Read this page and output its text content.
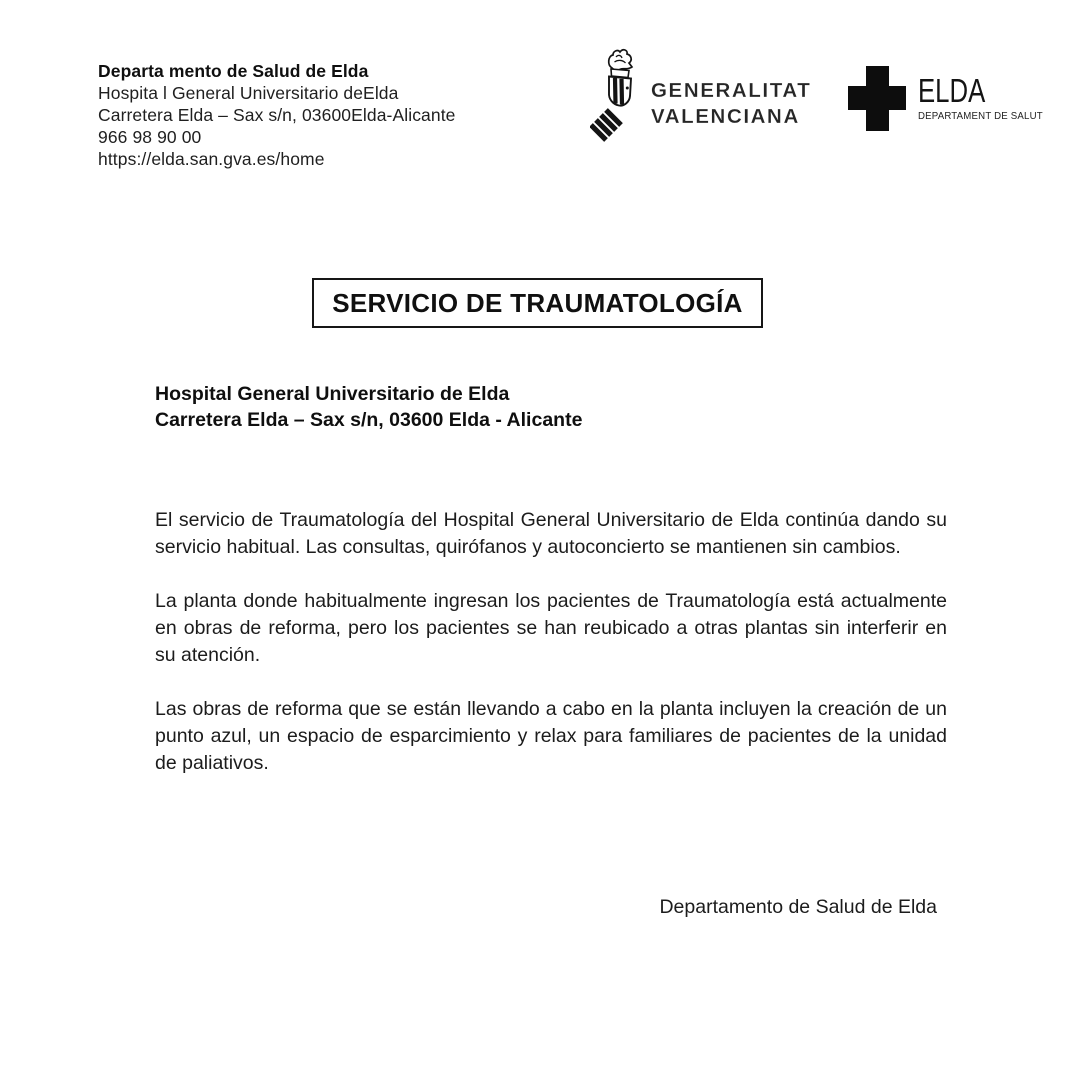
Departa mento de Salud de Elda
Hospita l General Universitario deElda
Carretera Elda – Sax s/n, 03600Elda-Alicante
966 98 90 00
https://elda.san.gva.es/home
GENERALITAT
VALENCIANA
ELDA
DEPARTAMENT DE SALUT
SERVICIO DE TRAUMATOLOGÍA
Hospital General Universitario de Elda
Carretera Elda – Sax s/n, 03600 Elda - Alicante

El servicio de Traumatología del Hospital General Universitario de Elda continúa dando su servicio habitual. Las consultas, quirófanos y autoconcierto se mantienen sin cambios.

La planta donde habitualmente ingresan los pacientes de Traumatología está actualmente en obras de reforma, pero los pacientes se han reubicado a otras plantas sin interferir en su atención.

Las obras de reforma que se están llevando a cabo en la planta incluyen la creación de un punto azul, un espacio de esparcimiento y relax para familiares de pacientes de la unidad de paliativos.

Departamento de Salud de Elda
